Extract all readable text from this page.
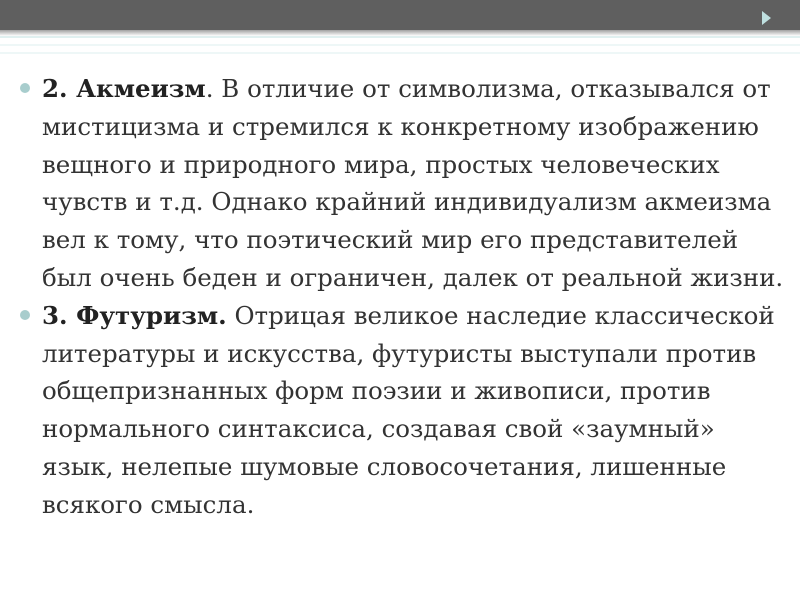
2. Акмеизм. В отличие от символизма, отказывался от мистицизма и стремился к конкретному изображению вещного и природного мира, простых человеческих чувств и т.д. Однако крайний индивидуализм акмеизма вел к тому, что поэтический мир его представителей был очень беден и ограничен, далек от реальной жизни.
3. Футуризм. Отрицая великое наследие классической литературы и искусства, футуристы выступали против общепризнанных форм поэзии и живописи, против нормального синтаксиса, создавая свой «заумный» язык, нелепые шумовые словосочетания, лишенные всякого смысла.
